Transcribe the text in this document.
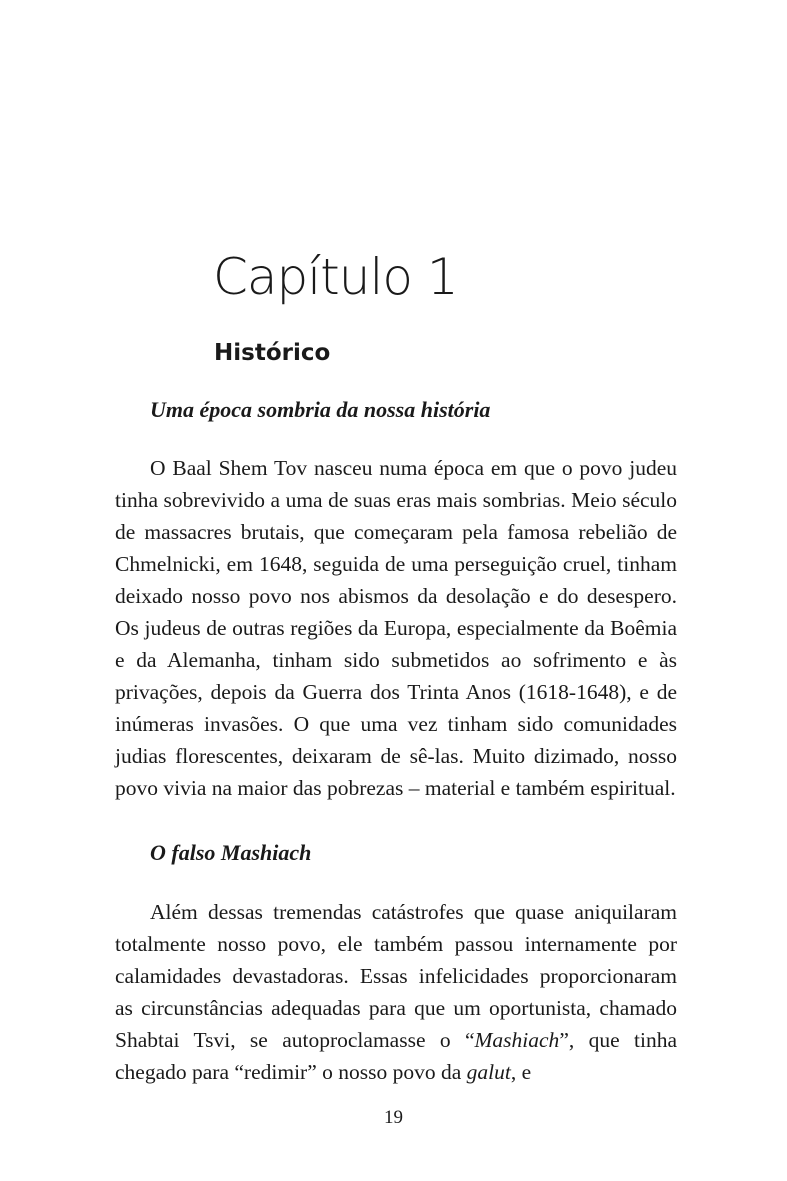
Capítulo 1
Histórico
Uma época sombria da nossa história

O Baal Shem Tov nasceu numa época em que o povo judeu tinha sobrevivido a uma de suas eras mais sombrias. Meio século de massacres brutais, que começaram pela famosa rebelião de Chmelnicki, em 1648, seguida de uma perseguição cruel, tinham deixado nosso povo nos abismos da desolação e do desespero. Os judeus de outras regiões da Europa, especialmente da Boêmia e da Alemanha, tinham sido submetidos ao sofrimento e às privações, depois da Guerra dos Trinta Anos (1618-1648), e de inúmeras invasões. O que uma vez tinham sido comunidades judias florescentes, deixaram de sê-las. Muito dizimado, nosso povo vivia na maior das pobrezas – material e também espiritual.

O falso Mashiach

Além dessas tremendas catástrofes que quase aniquilaram totalmente nosso povo, ele também passou internamente por calamidades devastadoras. Essas infelicidades proporcionaram as circunstâncias adequadas para que um oportunista, chamado Shabtai Tsvi, se autoproclamasse o “Mashiach”, que tinha chegado para “redimir” o nosso povo da galut, e

19
